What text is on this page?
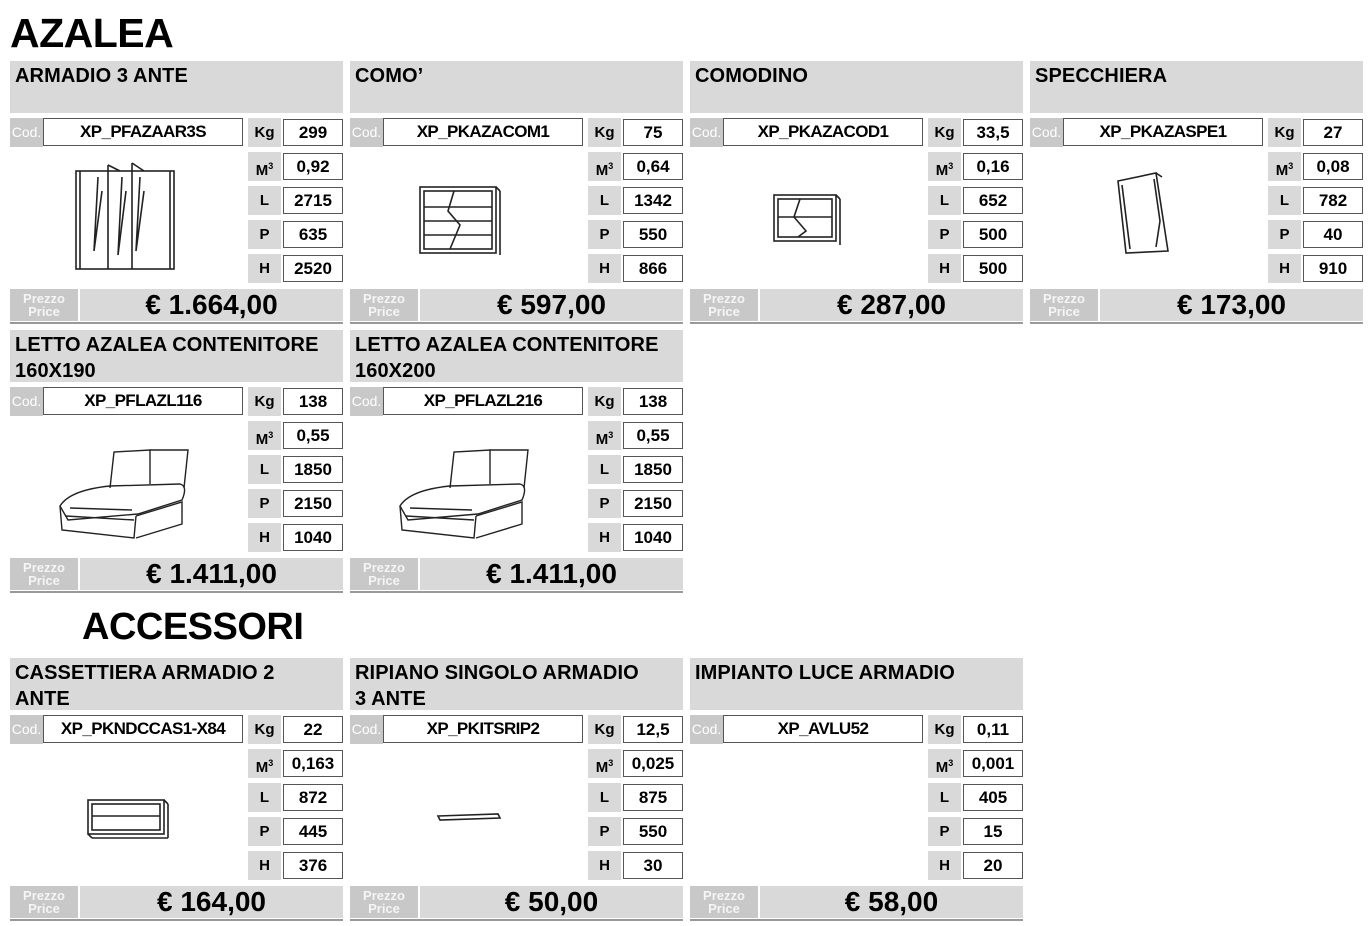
AZALEA
ACCESSORI
ARMADIO 3 ANTE
Cod.	XP_PFAZAAR3S	Kg	299
$M^3$	0,92
L	2715
P	635
H	2520
Prezzo
Price	€ 1.664,00
COMO’
Cod.	XP_PKAZACOM1	Kg	75
$M^3$	0,64
L	1342
P	550
H	866
Prezzo
Price	€ 597,00
COMODINO
Cod.	XP_PKAZACOD1	Kg	33,5
$M^3$	0,16
L	652
P	500
H	500
Prezzo
Price	€ 287,00
SPECCHIERA
Cod.	XP_PKAZASPE1	Kg	27
$M^3$	0,08
L	782
P	40
H	910
Prezzo
Price	€ 173,00
LETTO AZALEA CONTENITORE
160X190
Cod.	XP_PFLAZL116	Kg	138
$M^3$	0,55
L	1850
P	2150
H	1040
Prezzo
Price	€ 1.411,00
LETTO AZALEA CONTENITORE
160X200
Cod.	XP_PFLAZL216	Kg	138
$M^3$	0,55
L	1850
P	2150
H	1040
Prezzo
Price	€ 1.411,00
CASSETTIERA ARMADIO 2
ANTE
Cod.	XP_PKNDCCAS1-X84	Kg	22
$M^3$	0,163
L	872
P	445
H	376
Prezzo
Price	€ 164,00
RIPIANO SINGOLO ARMADIO
3 ANTE
Cod.	XP_PKITSRIP2	Kg	12,5
$M^3$	0,025
L	875
P	550
H	30
Prezzo
Price	€ 50,00
IMPIANTO LUCE ARMADIO
Cod.	XP_AVLU52	Kg	0,11
$M^3$	0,001
L	405
P	15
H	20
Prezzo
Price	€ 58,00
